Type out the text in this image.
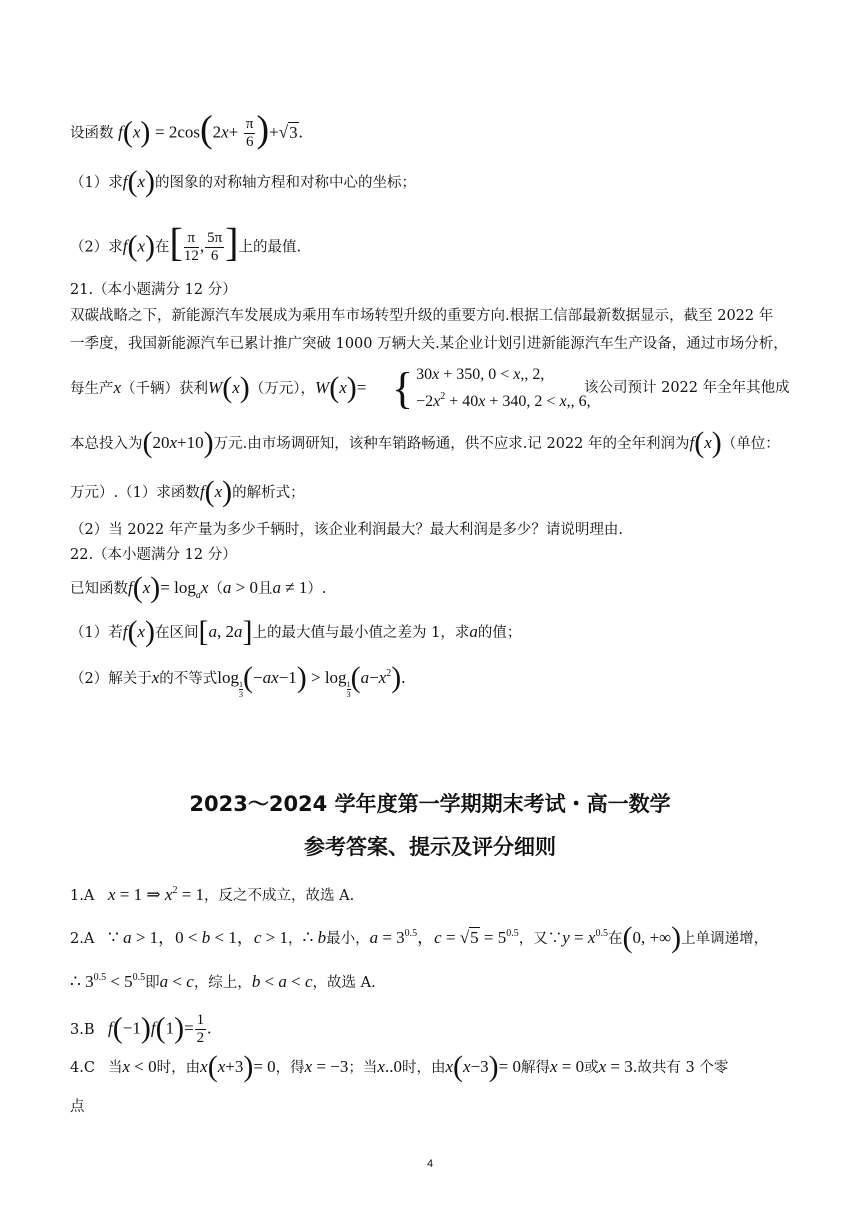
设函数 $f(x) = 2\cos(2x+ \frac{\pi}{6} )+√3$.
（1）求f(x)的图象的对称轴方程和对称中心的坐标；
（2）求f(x)在[ $\frac{\pi}{12}$ , $\frac{5\pi}{6}$ ]上的最值.
21.（本小题满分 12 分）
双碳战略之下，新能源汽车发展成为乘用车市场转型升级的重要方向.根据工信部最新数据显示，截至 2022 年
一季度，我国新能源汽车已累计推广突破 1000 万辆大关.某企业计划引进新能源汽车生产设备，通过市场分析，
每生产x（千辆）获利W(x)（万元），W(x)= { 30x + 350, 0 < x,, 2,
$-2x^2 + 40x + 340$, 2 < x,, 6,
该公司预计 2022 年全年其他成
本总投入为(20x+10)万元.由市场调研知，该种车销路畅通，供不应求.记 2022 年的全年利润为f(x)（单位：
万元）.（1）求函数f(x)的解析式；
（2）当 2022 年产量为多少千辆时，该企业利润最大？最大利润是多少？请说明理由.
22.（本小题满分 12 分）
已知函数$f(x)= \log_ax(a > 0$且a ≠ 1）.
（1）若f(x)在区间[a, 2a]上的最大值与最小值之差为 1，求a的值；
（2）解关于x的不等式log
$\frac{1}{3} (-ax-1) > \log$
$\frac{1}{3} (a-x^2)$.
2023～2024 学年度第一学期期末考试・高一数学
参考答案、提示及评分细则
1.A x = 1 ⇒ $x^2 = 1$，反之不成立，故选 A.
2.A ∵ a > 1，0 < b < 1，c > 1，∴ b最小，$a = 3^{0.5}$，$c = √5 = 5^{0.5}$，又∵y = $x^{0.5}$在(0, +∞)上单调递增，
∴ $3^{0.5} < 5^{0.5}$即a < c，综上，b < a < c，故选 A.
3.B $f(-1)f(1)= \frac{1}{2}$ .
4.C 当x < 0时，由x(x+3)= 0，得x = −3；当x..0时，由x(x−3)= 0解得x = 0或x = 3.故共有 3 个零
点
4
